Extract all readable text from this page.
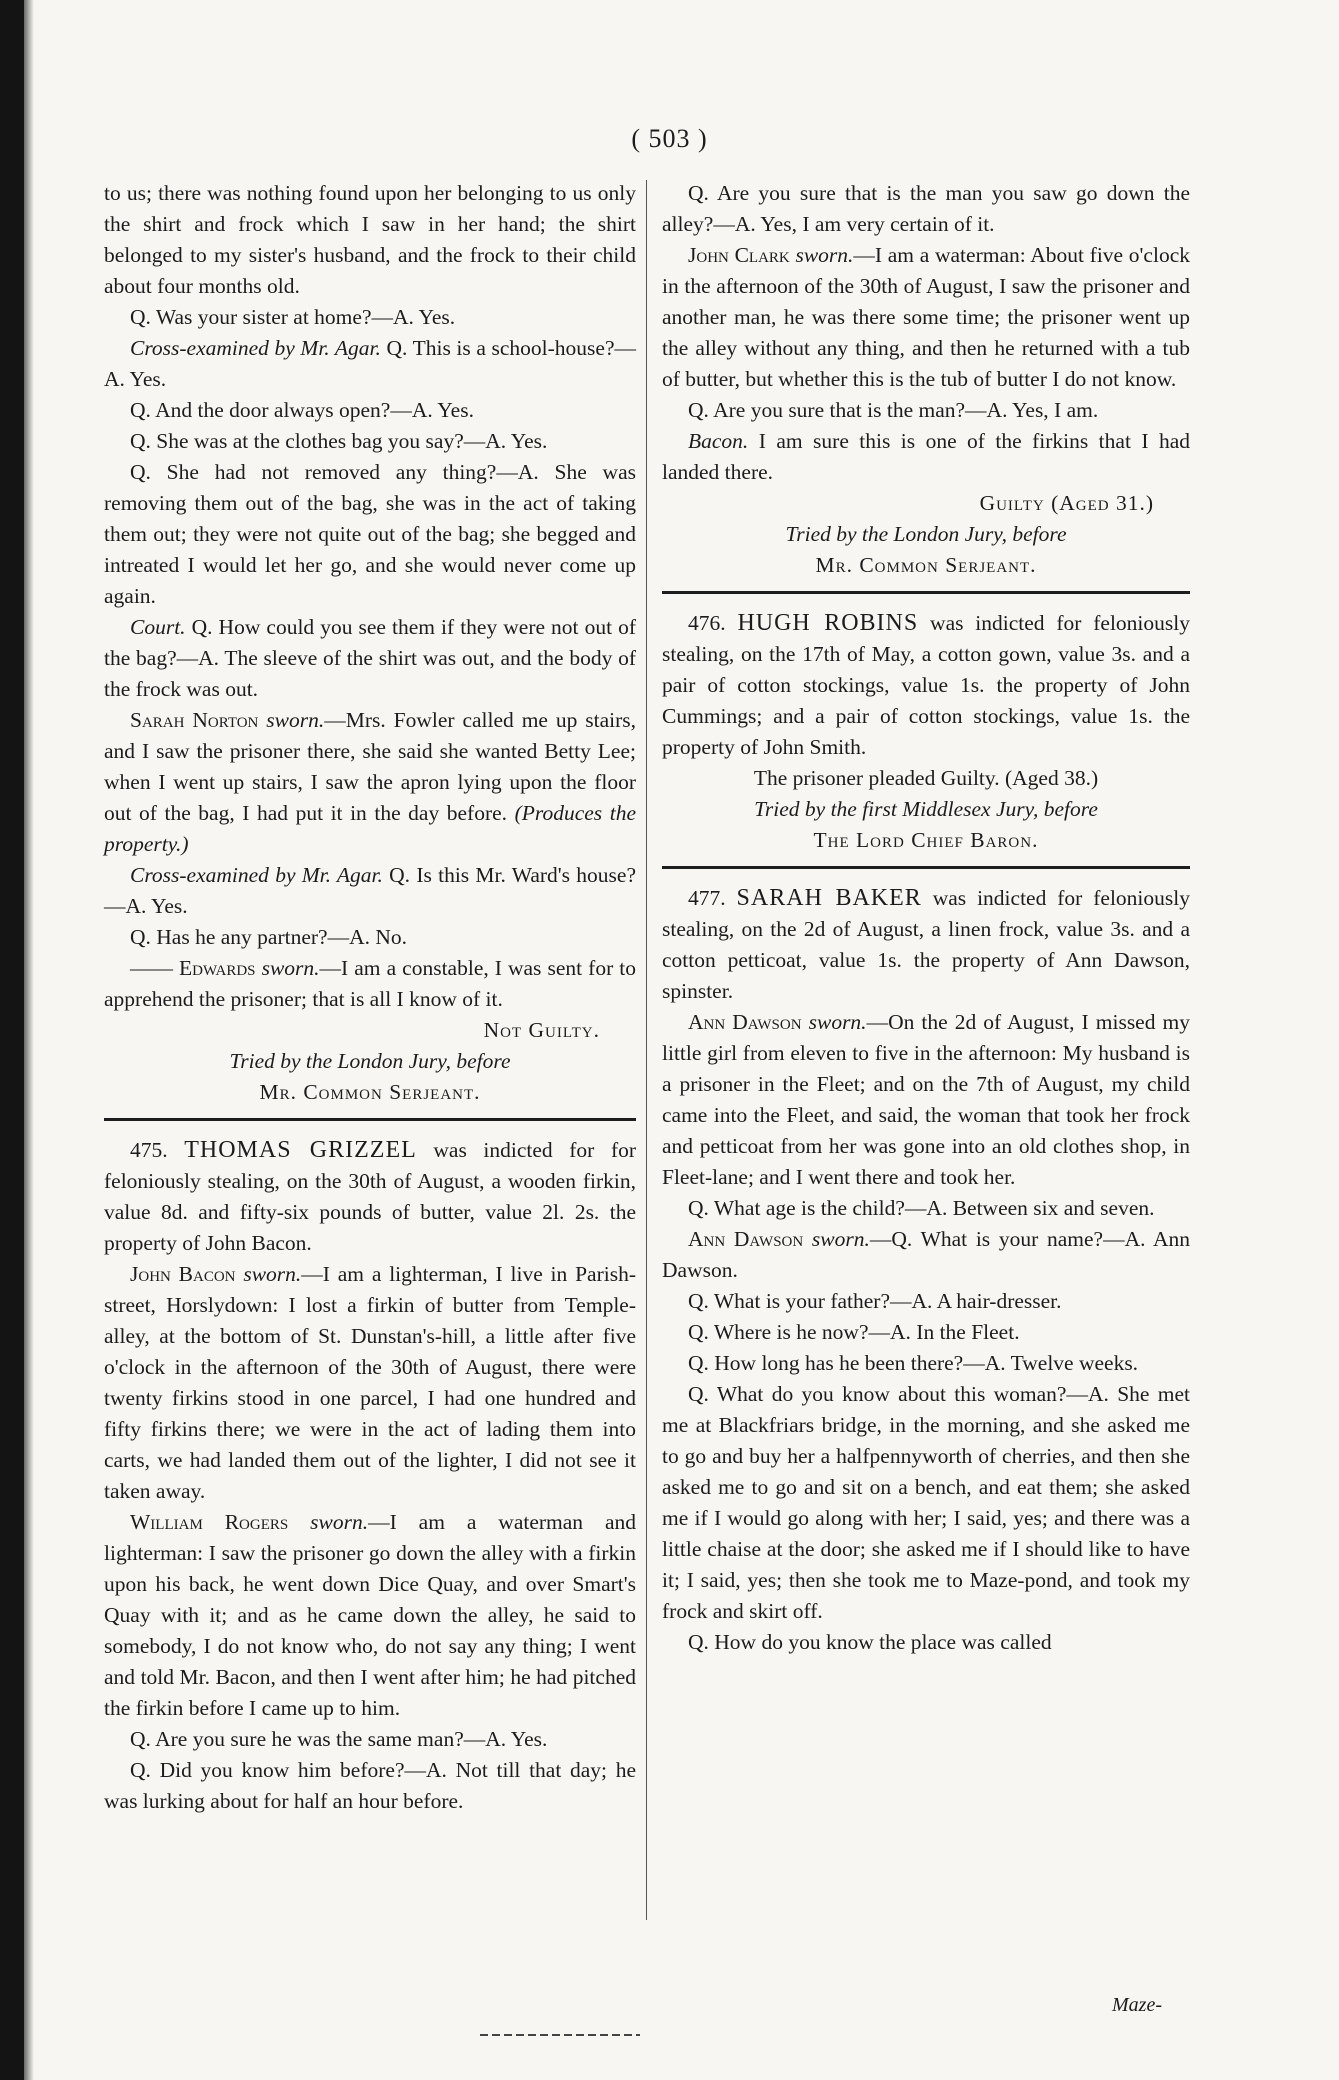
( 503 )

to us; there was nothing found upon her belonging to us only the shirt and frock which I saw in her hand; the shirt belonged to my sister's husband, and the frock to their child about four months old.

Q. Was your sister at home?—A. Yes.

Cross-examined by Mr. Agar. Q. This is a school-house?—A. Yes.

Q. And the door always open?—A. Yes.

Q. She was at the clothes bag you say?—A. Yes.

Q. She had not removed any thing?—A. She was removing them out of the bag, she was in the act of taking them out; they were not quite out of the bag; she begged and intreated I would let her go, and she would never come up again.

Court. Q. How could you see them if they were not out of the bag?—A. The sleeve of the shirt was out, and the body of the frock was out.

Sarah Norton sworn.—Mrs. Fowler called me up stairs, and I saw the prisoner there, she said she wanted Betty Lee; when I went up stairs, I saw the apron lying upon the floor out of the bag, I had put it in the day before. (Produces the property.)

Cross-examined by Mr. Agar. Q. Is this Mr. Ward's house?—A. Yes.

Q. Has he any partner?—A. No.

—— Edwards sworn.—I am a constable, I was sent for to apprehend the prisoner; that is all I know of it.

Not Guilty.

Tried by the London Jury, before

Mr. Common Serjeant.

475. THOMAS GRIZZEL was indicted for for feloniously stealing, on the 30th of August, a wooden firkin, value 8d. and fifty-six pounds of butter, value 2l. 2s. the property of John Bacon.

John Bacon sworn.—I am a lighterman, I live in Parish-street, Horslydown: I lost a firkin of butter from Temple-alley, at the bottom of St. Dunstan's-hill, a little after five o'clock in the afternoon of the 30th of August, there were twenty firkins stood in one parcel, I had one hundred and fifty firkins there; we were in the act of lading them into carts, we had landed them out of the lighter, I did not see it taken away.

William Rogers sworn.—I am a waterman and lighterman: I saw the prisoner go down the alley with a firkin upon his back, he went down Dice Quay, and over Smart's Quay with it; and as he came down the alley, he said to somebody, I do not know who, do not say any thing; I went and told Mr. Bacon, and then I went after him; he had pitched the firkin before I came up to him.

Q. Are you sure he was the same man?—A. Yes.

Q. Did you know him before?—A. Not till that day; he was lurking about for half an hour before.

Q. Are you sure that is the man you saw go down the alley?—A. Yes, I am very certain of it.

John Clark sworn.—I am a waterman: About five o'clock in the afternoon of the 30th of August, I saw the prisoner and another man, he was there some time; the prisoner went up the alley without any thing, and then he returned with a tub of butter, but whether this is the tub of butter I do not know.

Q. Are you sure that is the man?—A. Yes, I am.

Bacon. I am sure this is one of the firkins that I had landed there.

Guilty (Aged 31.)

Tried by the London Jury, before

Mr. Common Serjeant.

476. HUGH ROBINS was indicted for feloniously stealing, on the 17th of May, a cotton gown, value 3s. and a pair of cotton stockings, value 1s. the property of John Cummings; and a pair of cotton stockings, value 1s. the property of John Smith.

The prisoner pleaded Guilty. (Aged 38.)

Tried by the first Middlesex Jury, before

The Lord Chief Baron.

477. SARAH BAKER was indicted for feloniously stealing, on the 2d of August, a linen frock, value 3s. and a cotton petticoat, value 1s. the property of Ann Dawson, spinster.

Ann Dawson sworn.—On the 2d of August, I missed my little girl from eleven to five in the afternoon: My husband is a prisoner in the Fleet; and on the 7th of August, my child came into the Fleet, and said, the woman that took her frock and petticoat from her was gone into an old clothes shop, in Fleet-lane; and I went there and took her.

Q. What age is the child?—A. Between six and seven.

Ann Dawson sworn.—Q. What is your name?—A. Ann Dawson.

Q. What is your father?—A. A hair-dresser.

Q. Where is he now?—A. In the Fleet.

Q. How long has he been there?—A. Twelve weeks.

Q. What do you know about this woman?—A. She met me at Blackfriars bridge, in the morning, and she asked me to go and buy her a halfpennyworth of cherries, and then she asked me to go and sit on a bench, and eat them; she asked me if I would go along with her; I said, yes; and there was a little chaise at the door; she asked me if I should like to have it; I said, yes; then she took me to Maze-pond, and took my frock and skirt off.

Q. How do you know the place was called

Maze-
